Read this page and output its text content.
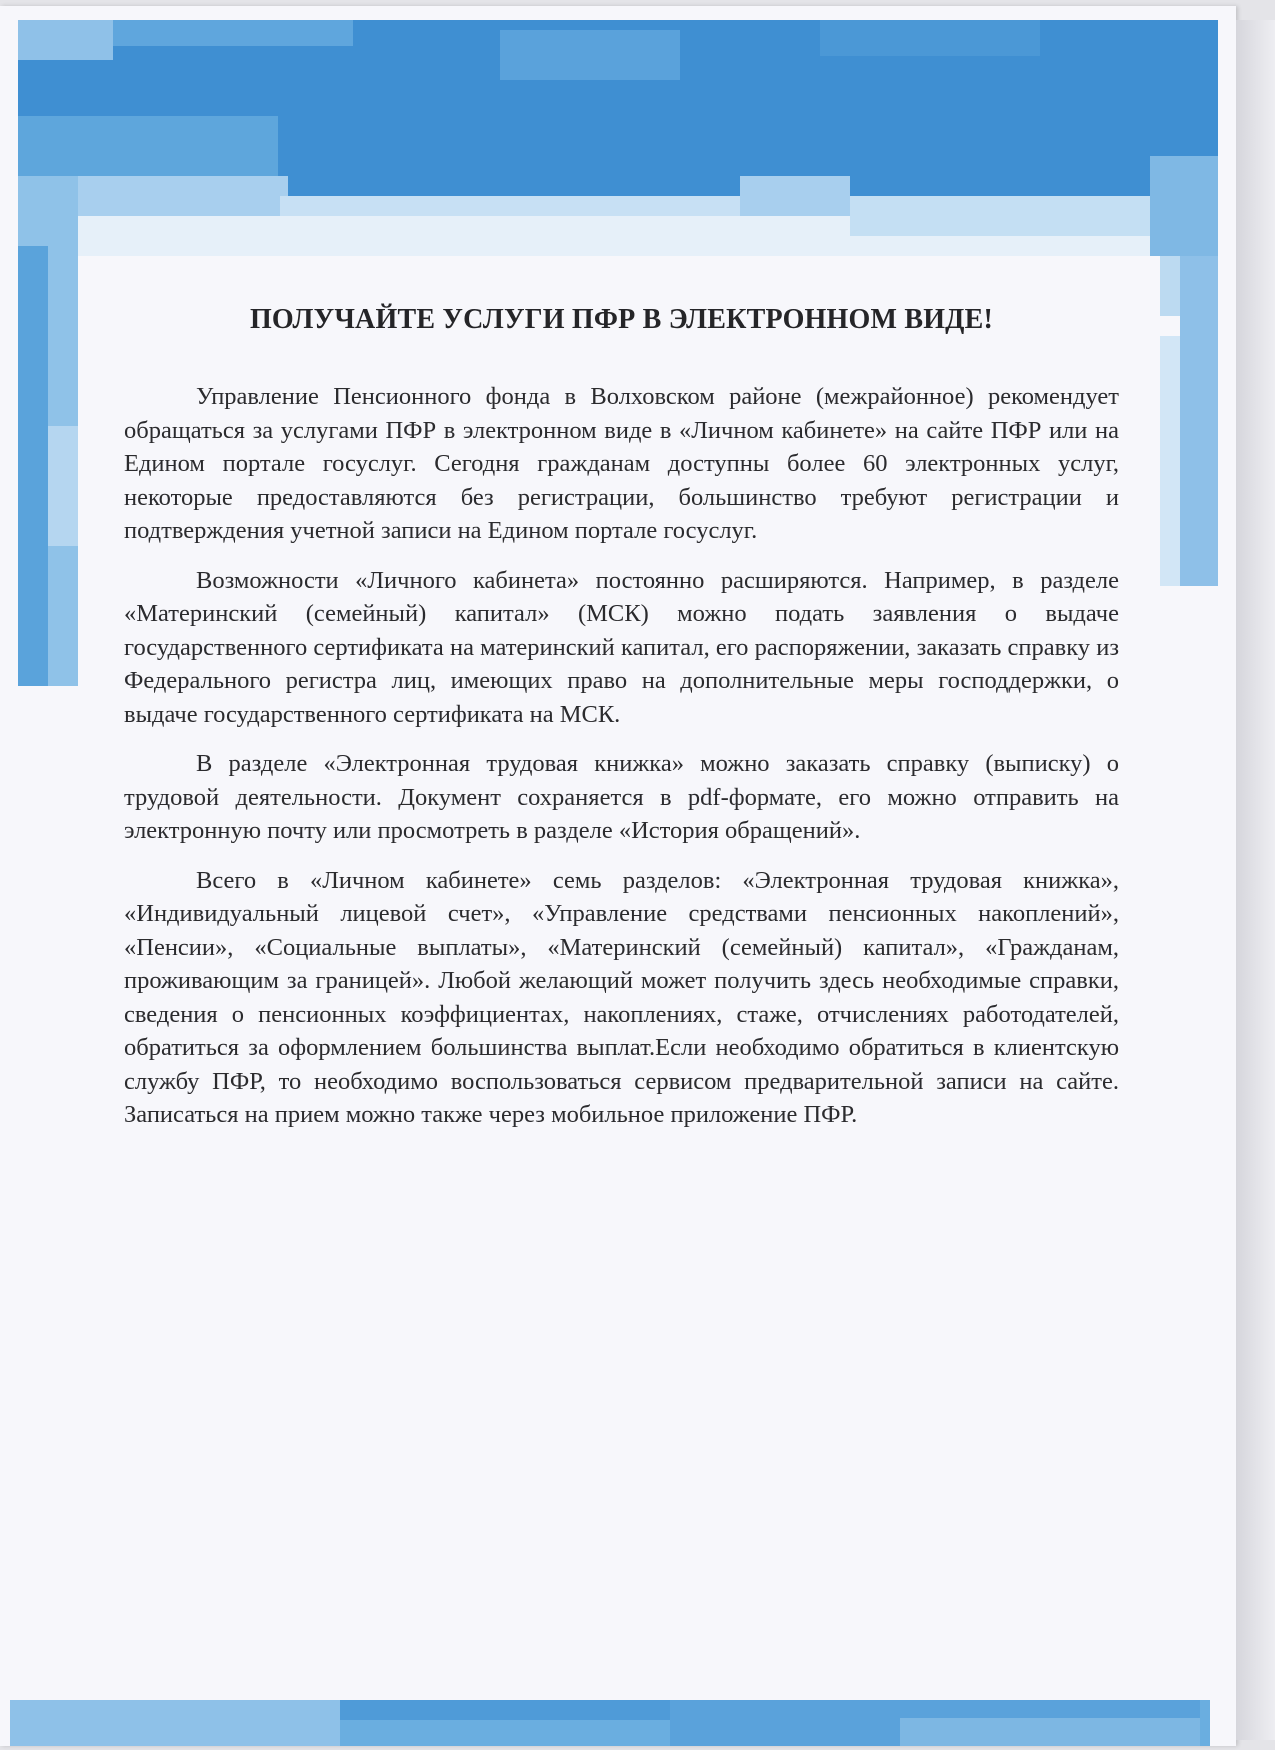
ПОЛУЧАЙТЕ УСЛУГИ ПФР В ЭЛЕКТРОННОМ ВИДЕ!

Управление Пенсионного фонда в Волховском районе (межрайонное) рекомендует обращаться за услугами ПФР в электронном виде в «Личном кабинете» на сайте ПФР или на Едином портале госуслуг. Сегодня гражданам доступны более 60 электронных услуг, некоторые предоставляются без регистрации, большинство требуют регистрации и подтверждения учетной записи на Едином портале госуслуг.

Возможности «Личного кабинета» постоянно расширяются. Например, в разделе «Материнский (семейный) капитал» (МСК) можно подать заявления о выдаче государственного сертификата на материнский капитал, его распоряжении, заказать справку из Федерального регистра лиц, имеющих право на дополнительные меры господдержки, о выдаче государственного сертификата на МСК.

В разделе «Электронная трудовая книжка» можно заказать справку (выписку) о трудовой деятельности. Документ сохраняется в pdf-формате, его можно отправить на электронную почту или просмотреть в разделе «История обращений».

Всего в «Личном кабинете» семь разделов: «Электронная трудовая книжка», «Индивидуальный лицевой счет», «Управление средствами пенсионных накоплений», «Пенсии», «Социальные выплаты», «Материнский (семейный) капитал», «Гражданам, проживающим за границей». Любой желающий может получить здесь необходимые справки, сведения о пенсионных коэффициентах, накоплениях, стаже, отчислениях работодателей, обратиться за оформлением большинства выплат.Если необходимо обратиться в клиентскую службу ПФР, то необходимо воспользоваться сервисом предварительной записи на сайте. Записаться на прием можно также через мобильное приложение ПФР.
